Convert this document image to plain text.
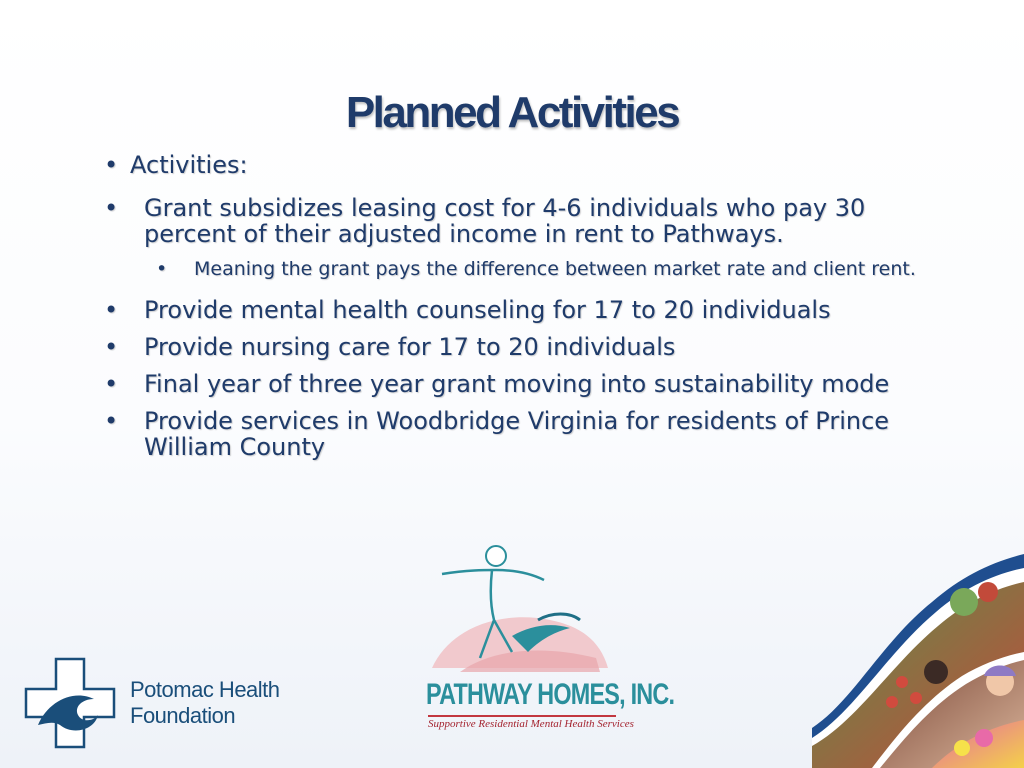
Planned Activities
• Activities:
• Grant subsidizes leasing cost for 4-6 individuals who pay 30 percent of their adjusted income in rent to Pathways.
•	Meaning the grant pays the difference between market rate and client rent.
• Provide mental health counseling for 17 to 20 individuals
• Provide nursing care for 17 to 20 individuals
• Final year of three year grant moving into sustainability mode
• Provide services in Woodbridge Virginia for residents of Prince William County
Potomac Health
Foundation
PATHWAY HOMES, INC.
Supportive Residential Mental Health Services
